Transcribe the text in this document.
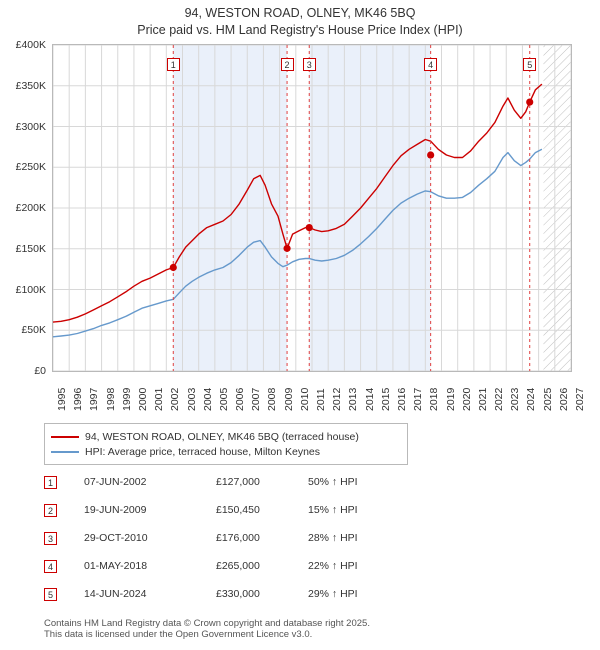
94, WESTON ROAD, OLNEY, MK46 5BQ
Price paid vs. HM Land Registry's House Price Index (HPI)
£0
£50K
£100K
£150K
£200K
£250K
£300K
£350K
£400K
1	2	3	4	5
1995 1996 1997 1998 1999 2000 2001 2002 2003 2004 2005 2006 2007 2008 2009 2010 2011 2012 2013 2014 2015 2016 2017 2018 2019 2020 2021 2022 2023 2024 2025 2026 2027
94, WESTON ROAD, OLNEY, MK46 5BQ (terraced house)
HPI: Average price, terraced house, Milton Keynes
1	07-JUN-2002	£127,000	50% ↑ HPI
2	19-JUN-2009	£150,450	15% ↑ HPI
3	29-OCT-2010	£176,000	28% ↑ HPI
4	01-MAY-2018	£265,000	22% ↑ HPI
5	14-JUN-2024	£330,000	29% ↑ HPI
Contains HM Land Registry data © Crown copyright and database right 2025.
This data is licensed under the Open Government Licence v3.0.
